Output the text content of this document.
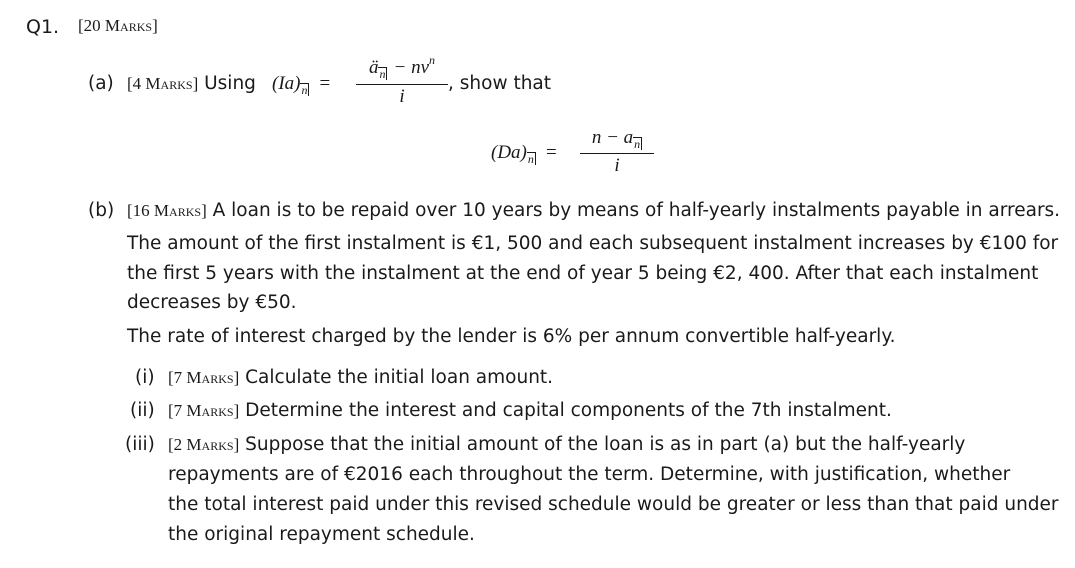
Q1. [20 Marks]
(a) [4 Marks] Using $(Ia)_n$ =
$ä_n - nv^n$
i
, show that
$(Da)_n$ =
$n - a_n$
i
(b) [16 Marks] A loan is to be repaid over 10 years by means of half-yearly instalments payable in arrears.
The amount of the first instalment is €1, 500 and each subsequent instalment increases by €100 for
the first 5 years with the instalment at the end of year 5 being €2, 400. After that each instalment
decreases by €50.
The rate of interest charged by the lender is 6% per annum convertible half-yearly.
(i) [7 Marks] Calculate the initial loan amount.
(ii) [7 Marks] Determine the interest and capital components of the 7th instalment.
(iii) [2 Marks] Suppose that the initial amount of the loan is as in part (a) but the half-yearly
repayments are of €2016 each throughout the term. Determine, with justification, whether
the total interest paid under this revised schedule would be greater or less than that paid under
the original repayment schedule.
